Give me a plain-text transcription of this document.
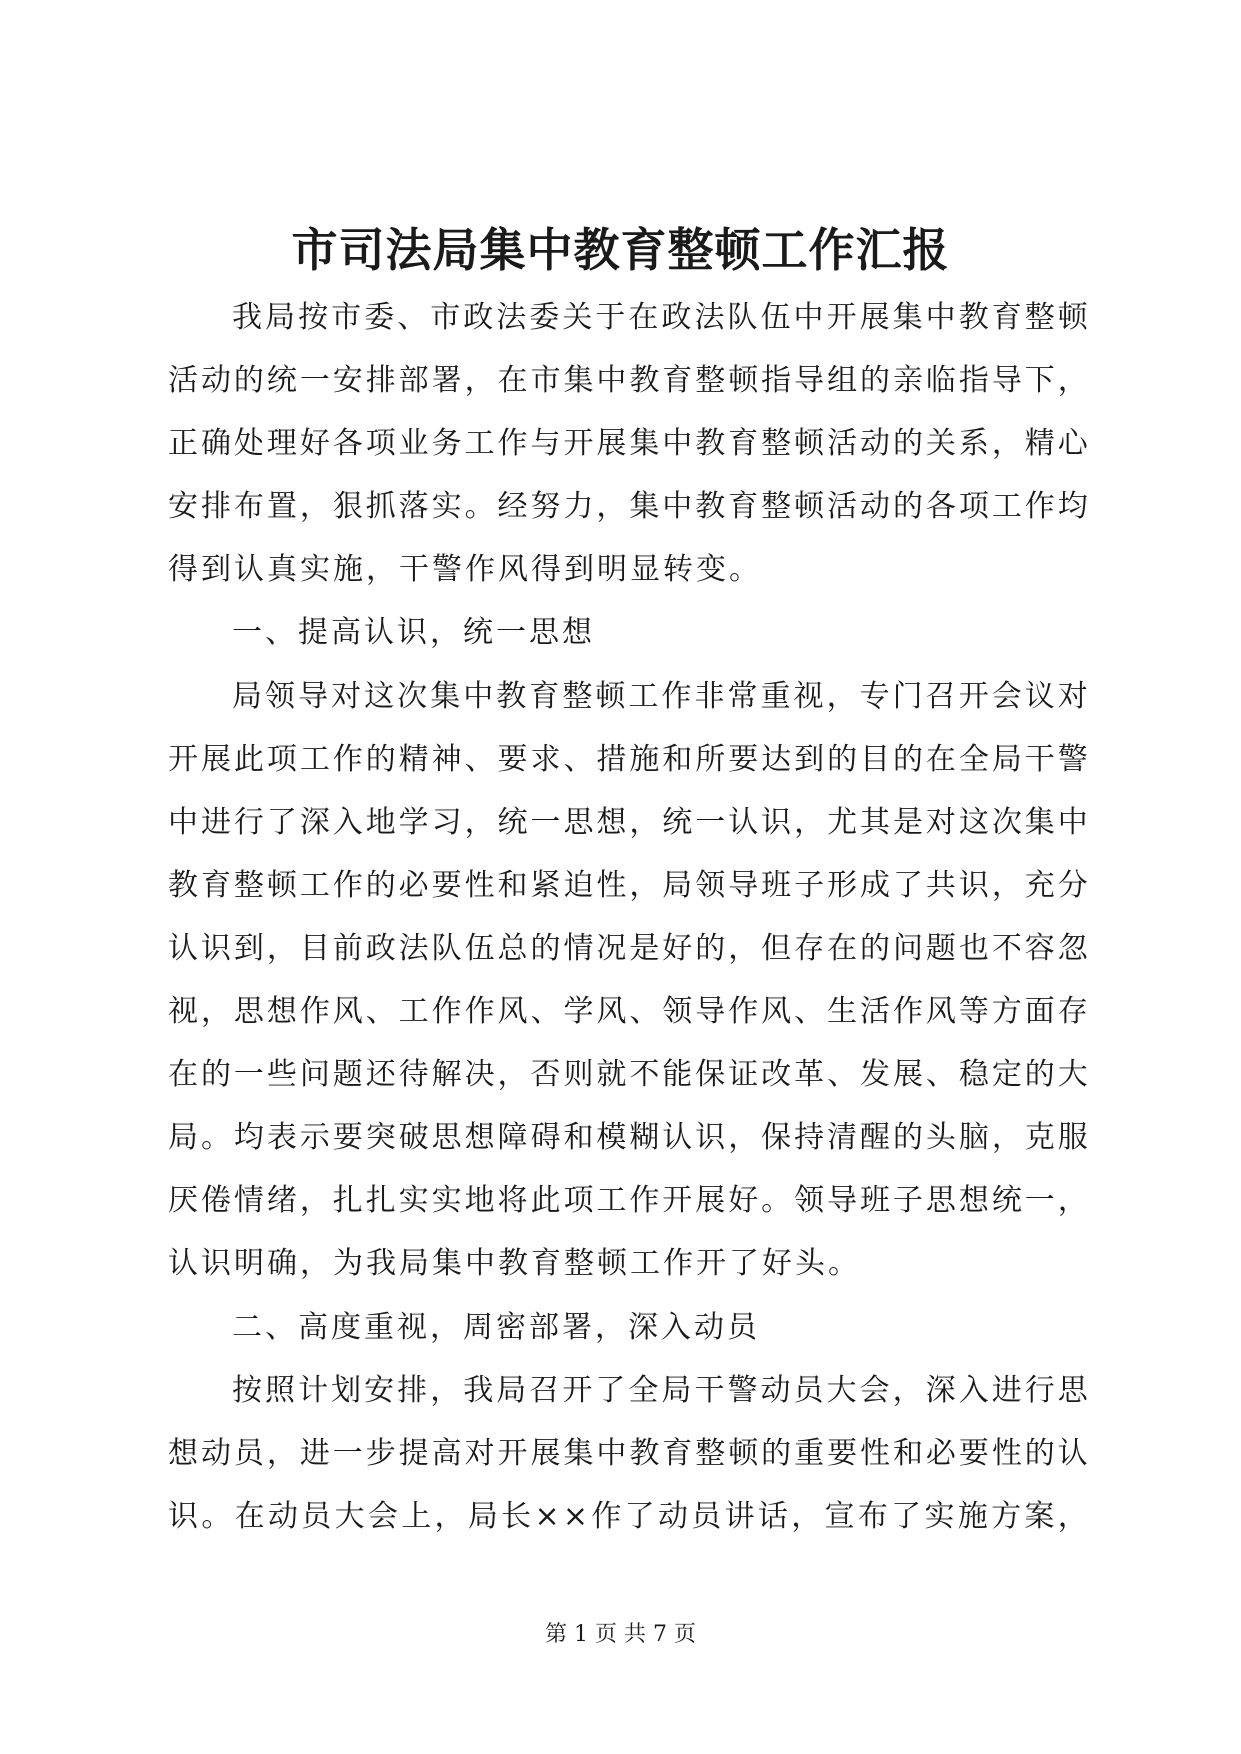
市司法局集中教育整顿工作汇报
我 局 按 市 委 、 市 政 法 委 关 于 在 政 法 队 伍 中 开 展 集 中 教 育 整 顿
活 动 的 统 一 安 排 部 署 ， 在 市 集 中 教 育 整 顿 指 导 组 的 亲 临 指 导 下 ，
正 确 处 理 好 各 项 业 务 工 作 与 开 展 集 中 教 育 整 顿 活 动 的 关 系 ， 精 心
安 排 布 置 ， 狠 抓 落 实 。 经 努 力 ， 集 中 教 育 整 顿 活 动 的 各 项 工 作 均
得到认真实施，干警作风得到明显转变。
一、提高认识，统一思想
局 领 导 对 这 次 集 中 教 育 整 顿 工 作 非 常 重 视 ， 专 门 召 开 会 议 对
开 展 此 项 工 作 的 精 神 、 要 求 、 措 施 和 所 要 达 到 的 目 的 在 全 局 干 警
中 进 行 了 深 入 地 学 习 ， 统 一 思 想 ， 统 一 认 识 ， 尤 其 是 对 这 次 集 中
教 育 整 顿 工 作 的 必 要 性 和 紧 迫 性 ， 局 领 导 班 子 形 成 了 共 识 ， 充 分
认 识 到 ， 目 前 政 法 队 伍 总 的 情 况 是 好 的 ， 但 存 在 的 问 题 也 不 容 忽
视 ， 思 想 作 风 、 工 作 作 风 、 学 风 、 领 导 作 风 、 生 活 作 风 等 方 面 存
在 的 一 些 问 题 还 待 解 决 ， 否 则 就 不 能 保 证 改 革 、 发 展 、 稳 定 的 大
局 。 均 表 示 要 突 破 思 想 障 碍 和 模 糊 认 识 ， 保 持 清 醒 的 头 脑 ， 克 服
厌 倦 情 绪 ， 扎 扎 实 实 地 将 此 项 工 作 开 展 好 。 领 导 班 子 思 想 统 一 ，
认识明确，为我局集中教育整顿工作开了好头。
二、高度重视，周密部署，深入动员
按 照 计 划 安 排 ， 我 局 召 开 了 全 局 干 警 动 员 大 会 ， 深 入 进 行 思
想 动 员 ， 进 一 步 提 高 对 开 展 集 中 教 育 整 顿 的 重 要 性 和 必 要 性 的 认
识 。 在 动 员 大 会 上 ， 局 长 × × 作 了 动 员 讲 话 ， 宣 布 了 实 施 方 案 ，
第 1 页 共 7 页
